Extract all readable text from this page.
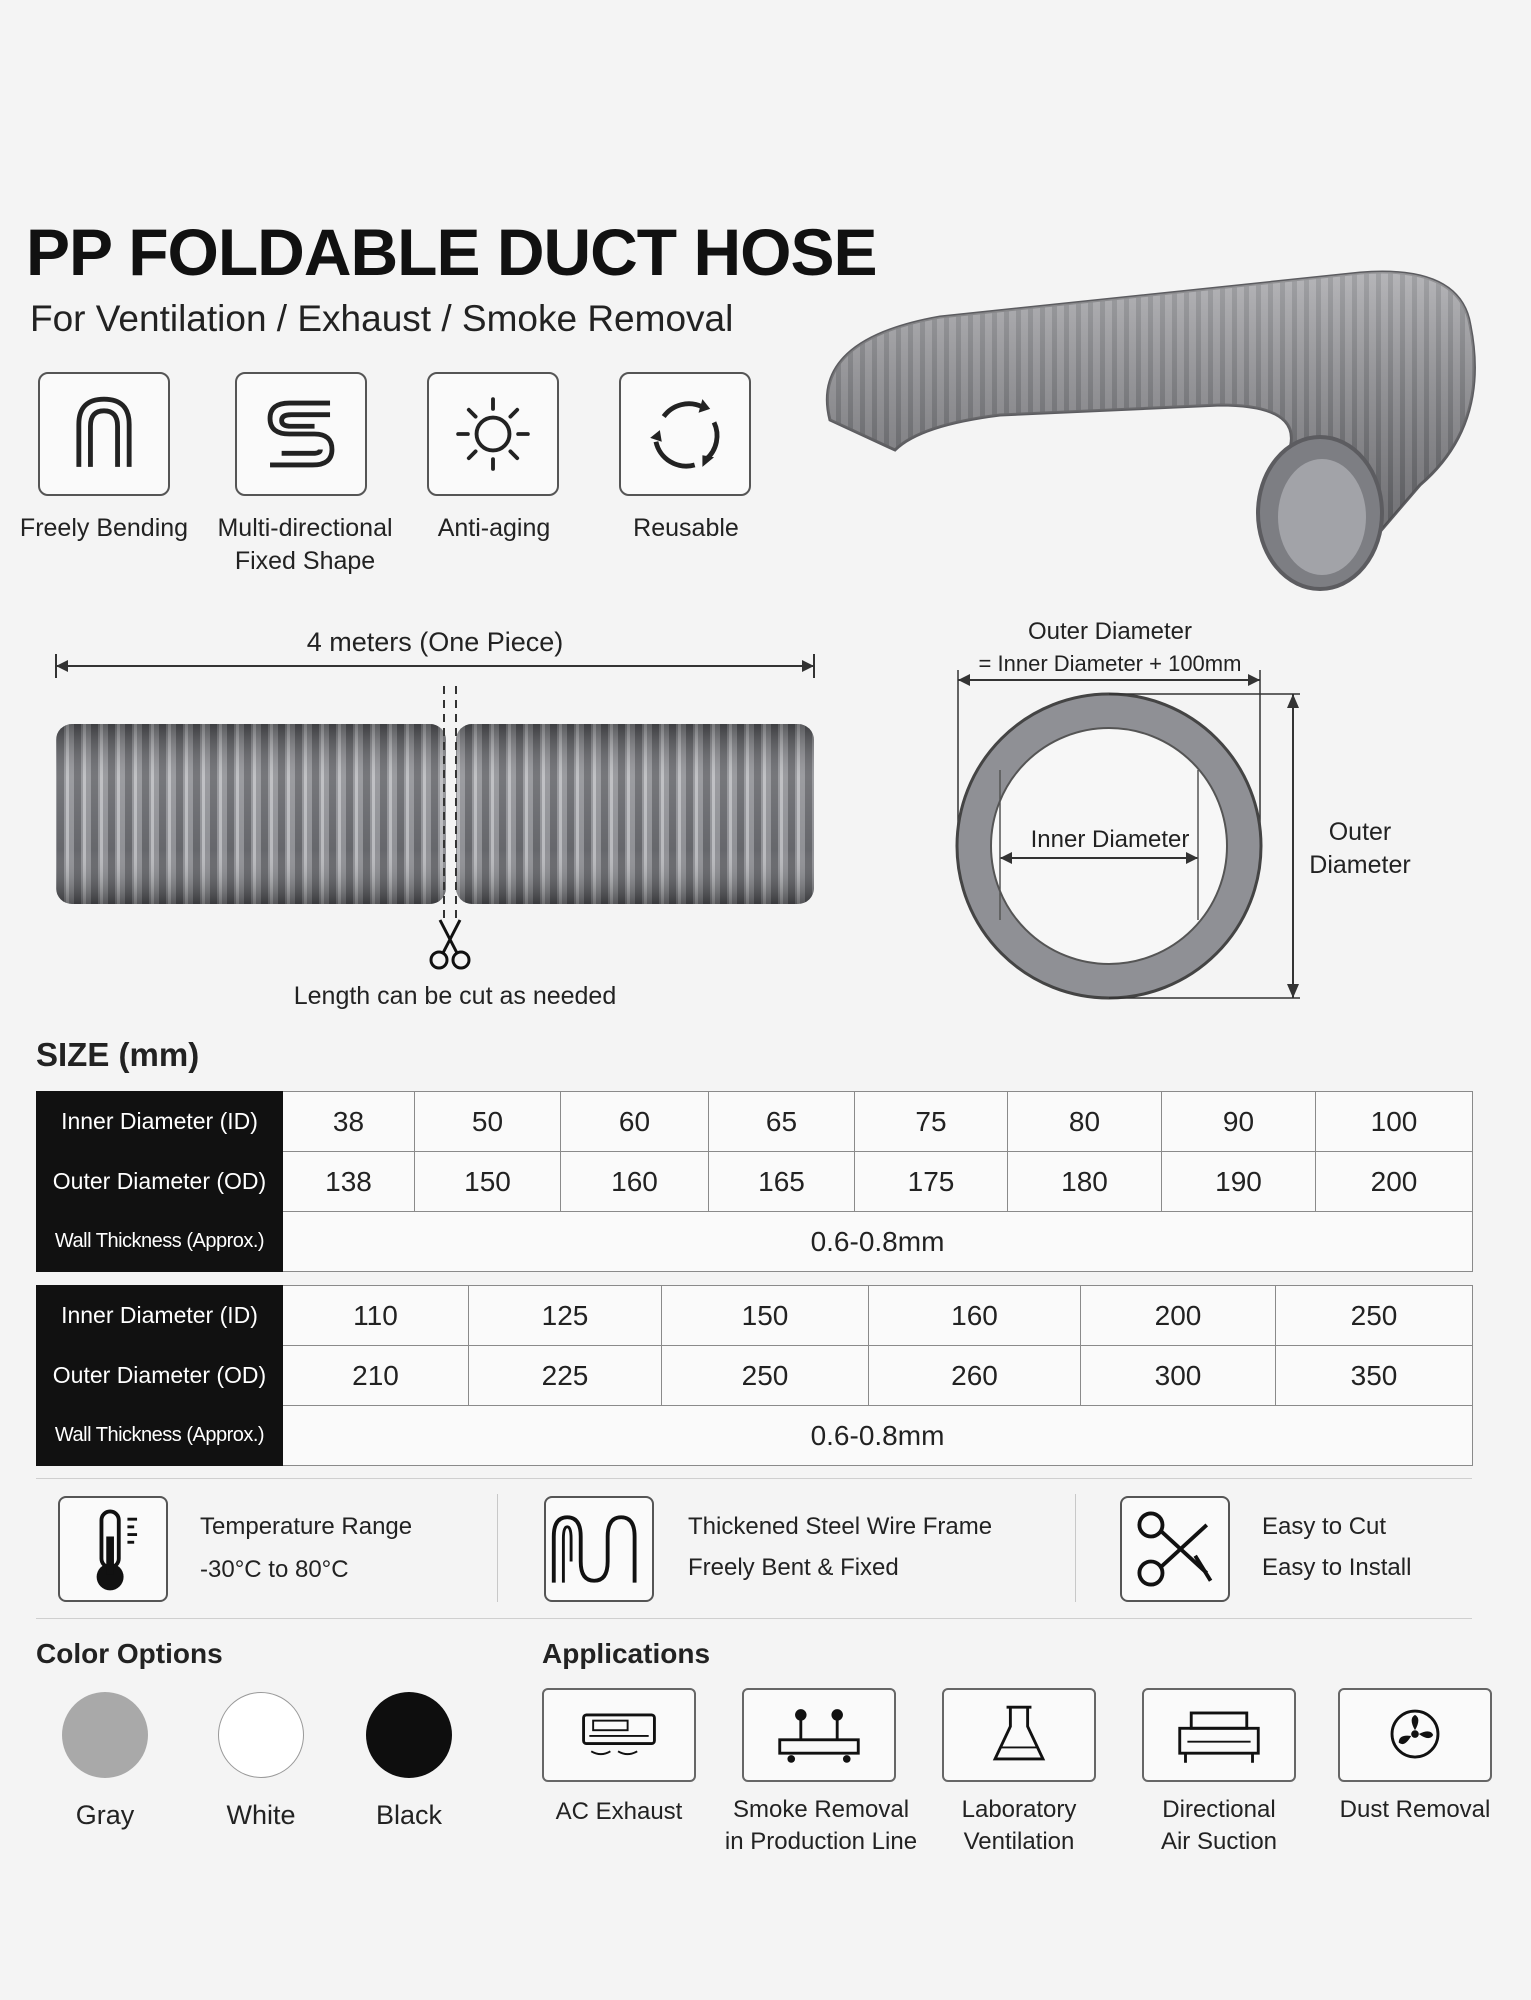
PP FOLDABLE DUCT HOSE
For Ventilation / Exhaust / Smoke Removal
Freely Bending	Multi-directional
Fixed Shape
Anti-aging	Reusable
4 meters (One Piece)
Length can be cut as needed
Outer Diameter
= Inner Diameter + 100mm
Inner Diameter	Outer
Diameter
SIZE (mm)
Inner Diameter (ID)	38	50	60	65	75	80	90	100
Outer Diameter (OD)	138	150	160	165	175	180	190	200
Wall Thickness (Approx.)	0.6-0.8mm							
Inner Diameter (ID)	110	125	150	160	200	250
Outer Diameter (OD)	210	225	250	260	300	350
Wall Thickness (Approx.)	0.6-0.8mm					
Temperature Range
-30°C to 80°C
Thickened Steel Wire Frame
Freely Bent & Fixed
Easy to Cut
Easy to Install
Color Options
Gray	White	Black
Applications
AC Exhaust	Smoke Removal
in Production Line
Laboratory
Ventilation
Directional
Air Suction
Dust Removal
